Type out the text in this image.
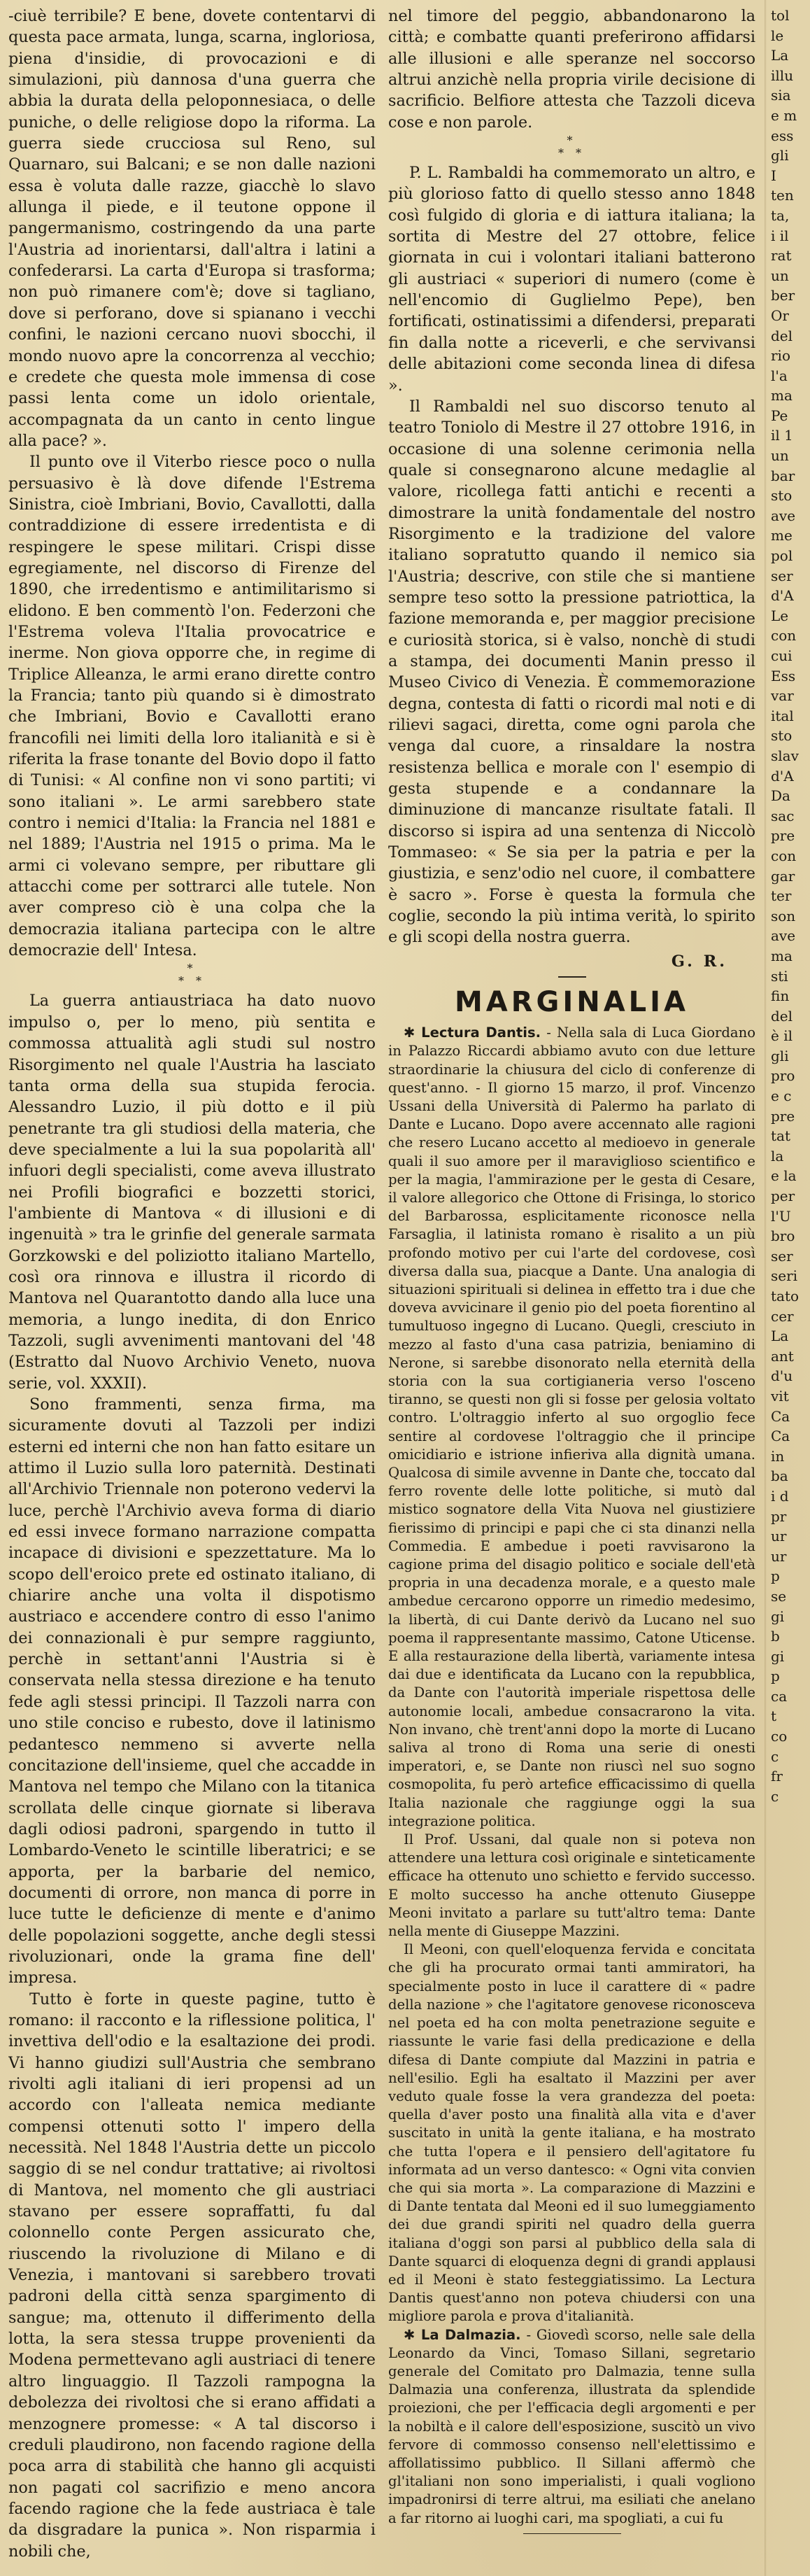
-ciuè terribile? E bene, dovete contentarvi di questa pace armata, lunga, scarna, ingloriosa, piena d'insidie, di provocazioni e di simulazioni, più dannosa d'una guerra che abbia la durata della peloponnesiaca, o delle puniche, o delle religiose dopo la riforma. La guerra siede crucciosa sul Reno, sul Quarnaro, sui Balcani; e se non dalle nazioni essa è voluta dalle razze, giacchè lo slavo allunga il piede, e il teutone oppone il pangermanismo, costringendo da una parte l'Austria ad inorientarsi, dall'altra i latini a confederarsi. La carta d'Europa si trasforma; non può rimanere com'è; dove si tagliano, dove si perforano, dove si spianano i vecchi confini, le nazioni cercano nuovi sbocchi, il mondo nuovo apre la concorrenza al vecchio; e credete che questa mole immensa di cose passi lenta come un idolo orientale, accompagnata da un canto in cento lingue alla pace? ».

Il punto ove il Viterbo riesce poco o nulla persuasivo è là dove difende l'Estrema Sinistra, cioè Imbriani, Bovio, Cavallotti, dalla contraddizione di essere irredentista e di respingere le spese militari. Crispi disse egregiamente, nel discorso di Firenze del 1890, che irredentismo e antimilitarismo si elidono. E ben commentò l'on. Federzoni che l'Estrema voleva l'Italia provocatrice e inerme. Non giova opporre che, in regime di Triplice Alleanza, le armi erano dirette contro la Francia; tanto più quando si è dimostrato che Imbriani, Bovio e Cavallotti erano francofili nei limiti della loro italianità e si è riferita la frase tonante del Bovio dopo il fatto di Tunisi: « Al confine non vi sono partiti; vi sono italiani ». Le armi sarebbero state contro i nemici d'Italia: la Francia nel 1881 e nel 1889; l'Austria nel 1915 o prima. Ma le armi ci volevano sempre, per ributtare gli attacchi come per sottrarci alle tutele. Non aver compreso ciò è una colpa che la democrazia italiana partecipa con le altre democrazie dell' Intesa.

*
* *

La guerra antiaustriaca ha dato nuovo impulso o, per lo meno, più sentita e commossa attualità agli studi sul nostro Risorgimento nel quale l'Austria ha lasciato tanta orma della sua stupida ferocia. Alessandro Luzio, il più dotto e il più penetrante tra gli studiosi della materia, che deve specialmente a lui la sua popolarità all' infuori degli specialisti, come aveva illustrato nei Profili biografici e bozzetti storici, l'ambiente di Mantova « di illusioni e di ingenuità » tra le grinfie del generale sarmata Gorzkowski e del poliziotto italiano Martello, così ora rinnova e illustra il ricordo di Mantova nel Quarantotto dando alla luce una memoria, a lungo inedita, di don Enrico Tazzoli, sugli avvenimenti mantovani del '48 (Estratto dal Nuovo Archivio Veneto, nuova serie, vol. XXXII).

Sono frammenti, senza firma, ma sicuramente dovuti al Tazzoli per indizi esterni ed interni che non han fatto esitare un attimo il Luzio sulla loro paternità. Destinati all'Archivio Triennale non poterono vedervi la luce, perchè l'Archivio aveva forma di diario ed essi invece formano narrazione compatta incapace di divisioni e spezzettature. Ma lo scopo dell'eroico prete ed ostinato italiano, di chiarire anche una volta il dispotismo austriaco e accendere contro di esso l'animo dei connazionali è pur sempre raggiunto, perchè in settant'anni l'Austria si è conservata nella stessa direzione e ha tenuto fede agli stessi principi. Il Tazzoli narra con uno stile conciso e rubesto, dove il latinismo pedantesco nemmeno si avverte nella concitazione dell'insieme, quel che accadde in Mantova nel tempo che Milano con la titanica scrollata delle cinque giornate si liberava dagli odiosi padroni, spargendo in tutto il Lombardo-Veneto le scintille liberatrici; e se apporta, per la barbarie del nemico, documenti di orrore, non manca di porre in luce tutte le deficienze di mente e d'animo delle popolazioni soggette, anche degli stessi rivoluzionari, onde la grama fine dell' impresa.

Tutto è forte in queste pagine, tutto è romano: il racconto e la riflessione politica, l' invettiva dell'odio e la esaltazione dei prodi. Vi hanno giudizi sull'Austria che sembrano rivolti agli italiani di ieri propensi ad un accordo con l'alleata nemica mediante compensi ottenuti sotto l' impero della necessità. Nel 1848 l'Austria dette un piccolo saggio di se nel condur trattative; ai rivoltosi di Mantova, nel momento che gli austriaci stavano per essere sopraffatti, fu dal colonnello conte Pergen assicurato che, riuscendo la rivoluzione di Milano e di Venezia, i mantovani si sarebbero trovati padroni della città senza spargimento di sangue; ma, ottenuto il differimento della lotta, la sera stessa truppe provenienti da Modena permettevano agli austriaci di tenere altro linguaggio. Il Tazzoli rampogna la debolezza dei rivoltosi che si erano affidati a menzognere promesse: « A tal discorso i creduli plaudirono, non facendo ragione della poca arra di stabilità che hanno gli acquisti non pagati col sacrifizio e meno ancora facendo ragione che la fede austriaca è tale da disgradare la punica ». Non risparmia i nobili che,

nel timore del peggio, abbandonarono la città; e combatte quanti preferirono affidarsi alle illusioni e alle speranze nel soccorso altrui anzichè nella propria virile decisione di sacrificio. Belfiore attesta che Tazzoli diceva cose e non parole.

*
* *

P. L. Rambaldi ha commemorato un altro, e più glorioso fatto di quello stesso anno 1848 così fulgido di gloria e di iattura italiana; la sortita di Mestre del 27 ottobre, felice giornata in cui i volontari italiani batterono gli austriaci « superiori di numero (come è nell'encomio di Guglielmo Pepe), ben fortificati, ostinatissimi a difendersi, preparati fin dalla notte a riceverli, e che servivansi delle abitazioni come seconda linea di difesa ».

Il Rambaldi nel suo discorso tenuto al teatro Toniolo di Mestre il 27 ottobre 1916, in occasione di una solenne cerimonia nella quale si consegnarono alcune medaglie al valore, ricollega fatti antichi e recenti a dimostrare la unità fondamentale del nostro Risorgimento e la tradizione del valore italiano sopratutto quando il nemico sia l'Austria; descrive, con stile che si mantiene sempre teso sotto la pressione patriottica, la fazione memoranda e, per maggior precisione e curiosità storica, si è valso, nonchè di studi a stampa, dei documenti Manin presso il Museo Civico di Venezia. È commemorazione degna, contesta di fatti o ricordi mal noti e di rilievi sagaci, diretta, come ogni parola che venga dal cuore, a rinsaldare la nostra resistenza bellica e morale con l' esempio di gesta stupende e a condannare la diminuzione di mancanze risultate fatali. Il discorso si ispira ad una sentenza di Niccolò Tommaseo: « Se sia per la patria e per la giustizia, e senz'odio nel cuore, il combattere è sacro ». Forse è questa la formula che coglie, secondo la più intima verità, lo spirito e gli scopi della nostra guerra.

G. R.
MARGINALIA

✱ Lectura Dantis. - Nella sala di Luca Giordano in Palazzo Riccardi abbiamo avuto con due letture straordinarie la chiusura del ciclo di conferenze di quest'anno. - Il giorno 15 marzo, il prof. Vincenzo Ussani della Università di Palermo ha parlato di Dante e Lucano. Dopo avere accennato alle ragioni che resero Lucano accetto al medioevo in generale quali il suo amore per il maraviglioso scientifico e per la magia, l'ammirazione per le gesta di Cesare, il valore allegorico che Ottone di Frisinga, lo storico del Barbarossa, esplicitamente riconosce nella Farsaglia, il latinista romano è risalito a un più profondo motivo per cui l'arte del cordovese, così diversa dalla sua, piacque a Dante. Una analogia di situazioni spirituali si delinea in effetto tra i due che doveva avvicinare il genio pio del poeta fiorentino al tumultuoso ingegno di Lucano. Quegli, cresciuto in mezzo al fasto d'una casa patrizia, beniamino di Nerone, si sarebbe disonorato nella eternità della storia con la sua cortigianeria verso l'osceno tiranno, se questi non gli si fosse per gelosia voltato contro. L'oltraggio inferto al suo orgoglio fece sentire al cordovese l'oltraggio che il principe omicidiario e istrione infieriva alla dignità umana. Qualcosa di simile avvenne in Dante che, toccato dal ferro rovente delle lotte politiche, si mutò dal mistico sognatore della Vita Nuova nel giustiziere fierissimo di principi e papi che ci sta dinanzi nella Commedia. E ambedue i poeti ravvisarono la cagione prima del disagio politico e sociale dell'età propria in una decadenza morale, e a questo male ambedue cercarono opporre un rimedio medesimo, la libertà, di cui Dante derivò da Lucano nel suo poema il rappresentante massimo, Catone Uticense. E alla restaurazione della libertà, variamente intesa dai due e identificata da Lucano con la repubblica, da Dante con l'autorità imperiale rispettosa delle autonomie locali, ambedue consacrarono la vita. Non invano, chè trent'anni dopo la morte di Lucano saliva al trono di Roma una serie di onesti imperatori, e, se Dante non riuscì nel suo sogno cosmopolita, fu però artefice efficacissimo di quella Italia nazionale che raggiunge oggi la sua integrazione politica.

Il Prof. Ussani, dal quale non si poteva non attendere una lettura così originale e sinteticamente efficace ha ottenuto uno schietto e fervido successo. E molto successo ha anche ottenuto Giuseppe Meoni invitato a parlare su tutt'altro tema: Dante nella mente di Giuseppe Mazzini.

Il Meoni, con quell'eloquenza fervida e concitata che gli ha procurato ormai tanti ammiratori, ha specialmente posto in luce il carattere di « padre della nazione » che l'agitatore genovese riconosceva nel poeta ed ha con molta penetrazione seguite e riassunte le varie fasi della predicazione e della difesa di Dante compiute dal Mazzini in patria e nell'esilio. Egli ha esaltato il Mazzini per aver veduto quale fosse la vera grandezza del poeta: quella d'aver posto una finalità alla vita e d'aver suscitato in unità la gente italiana, e ha mostrato che tutta l'opera e il pensiero dell'agitatore fu informata ad un verso dantesco: « Ogni vita convien che qui sia morta ». La comparazione di Mazzini e di Dante tentata dal Meoni ed il suo lumeggiamento dei due grandi spiriti nel quadro della guerra italiana d'oggi son parsi al pubblico della sala di Dante squarci di eloquenza degni di grandi applausi ed il Meoni è stato festeggiatissimo. La Lectura Dantis quest'anno non poteva chiudersi con una migliore parola e prova d'italianità.

✱ La Dalmazia. - Giovedì scorso, nelle sale della Leonardo da Vinci, Tomaso Sillani, segretario generale del Comitato pro Dalmazia, tenne sulla Dalmazia una conferenza, illustrata da splendide proiezioni, che per l'efficacia degli argomenti e per la nobiltà e il calore dell'esposizione, suscitò un vivo fervore di commosso consenso nell'elettissimo e affollatissimo pubblico. Il Sillani affermò che gl'italiani non sono imperialisti, i quali vogliono impadronirsi di terre altrui, ma esiliati che anelano a far ritorno ai luoghi cari, ma spogliati, a cui fu

tol
le
La
illu
sia
e m
ess
gli
I
ten
ta,
i il
rat
un
ber
Or
del
rio
l'a
ma
Pe
il 1
un
bar
sto
ave
me
pol
ser
d'A
Le
con
cui
Ess
var
ital
sto
slav
d'A
Da
sac
pre
con
gar
ter
son
ave
ma
sti
fin
del
è il
gli
pro
e c
pre
tat
la
e la
per
l'U
bro
ser
seri
tato
cer
La
ant
d'u
vit
Ca
Ca
in
ba
i d
pr
ur
ur
p
se
gi
b
gi
p
ca
t
co
c
fr
c
